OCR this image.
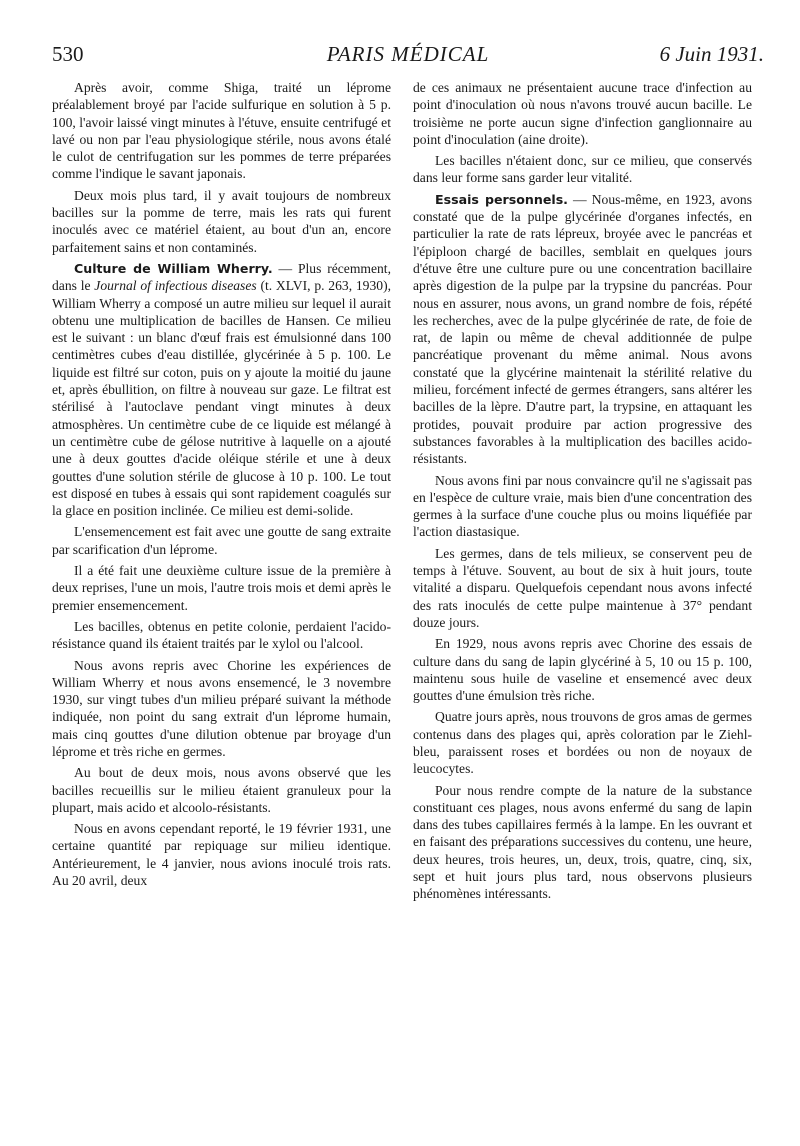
530	PARIS MÉDICAL	6 Juin 1931.

Après avoir, comme Shiga, traité un léprome préalablement broyé par l'acide sulfurique en solution à 5 p. 100, l'avoir laissé vingt minutes à l'étuve, ensuite centrifugé et lavé ou non par l'eau physiologique stérile, nous avons étalé le culot de centrifugation sur les pommes de terre préparées comme l'indique le savant japonais.

Deux mois plus tard, il y avait toujours de nombreux bacilles sur la pomme de terre, mais les rats qui furent inoculés avec ce matériel étaient, au bout d'un an, encore parfaitement sains et non contaminés.

Culture de William Wherry. — Plus récemment, dans le Journal of infectious diseases (t. XLVI, p. 263, 1930), William Wherry a composé un autre milieu sur lequel il aurait obtenu une multiplication de bacilles de Hansen. Ce milieu est le suivant : un blanc d'œuf frais est émulsionné dans 100 centimètres cubes d'eau distillée, glycérinée à 5 p. 100. Le liquide est filtré sur coton, puis on y ajoute la moitié du jaune et, après ébullition, on filtre à nouveau sur gaze. Le filtrat est stérilisé à l'autoclave pendant vingt minutes à deux atmosphères. Un centimètre cube de ce liquide est mélangé à un centimètre cube de gélose nutritive à laquelle on a ajouté une à deux gouttes d'acide oléique stérile et une à deux gouttes d'une solution stérile de glucose à 10 p. 100. Le tout est disposé en tubes à essais qui sont rapidement coagulés sur la glace en position inclinée. Ce milieu est demi-solide.

L'ensemencement est fait avec une goutte de sang extraite par scarification d'un léprome.

Il a été fait une deuxième culture issue de la première à deux reprises, l'une un mois, l'autre trois mois et demi après le premier ensemencement.

Les bacilles, obtenus en petite colonie, perdaient l'acido-résistance quand ils étaient traités par le xylol ou l'alcool.

Nous avons repris avec Chorine les expériences de William Wherry et nous avons ensemencé, le 3 novembre 1930, sur vingt tubes d'un milieu préparé suivant la méthode indiquée, non point du sang extrait d'un léprome humain, mais cinq gouttes d'une dilution obtenue par broyage d'un léprome et très riche en germes.

Au bout de deux mois, nous avons observé que les bacilles recueillis sur le milieu étaient granuleux pour la plupart, mais acido et alcoolo-résistants.

Nous en avons cependant reporté, le 19 février 1931, une certaine quantité par repiquage sur milieu identique. Antérieurement, le 4 janvier, nous avions inoculé trois rats. Au 20 avril, deux

de ces animaux ne présentaient aucune trace d'infection au point d'inoculation où nous n'avons trouvé aucun bacille. Le troisième ne porte aucun signe d'infection ganglionnaire au point d'inoculation (aine droite).

Les bacilles n'étaient donc, sur ce milieu, que conservés dans leur forme sans garder leur vitalité.

Essais personnels. — Nous-même, en 1923, avons constaté que de la pulpe glycérinée d'organes infectés, en particulier la rate de rats lépreux, broyée avec le pancréas et l'épiploon chargé de bacilles, semblait en quelques jours d'étuve être une culture pure ou une concentration bacillaire après digestion de la pulpe par la trypsine du pancréas. Pour nous en assurer, nous avons, un grand nombre de fois, répété les recherches, avec de la pulpe glycérinée de rate, de foie de rat, de lapin ou même de cheval additionnée de pulpe pancréatique provenant du même animal. Nous avons constaté que la glycérine maintenait la stérilité relative du milieu, forcément infecté de germes étrangers, sans altérer les bacilles de la lèpre. D'autre part, la trypsine, en attaquant les protides, pouvait produire par action progressive des substances favorables à la multiplication des bacilles acido-résistants.

Nous avons fini par nous convaincre qu'il ne s'agissait pas en l'espèce de culture vraie, mais bien d'une concentration des germes à la surface d'une couche plus ou moins liquéfiée par l'action diastasique.

Les germes, dans de tels milieux, se conservent peu de temps à l'étuve. Souvent, au bout de six à huit jours, toute vitalité a disparu. Quelquefois cependant nous avons infecté des rats inoculés de cette pulpe maintenue à 37° pendant douze jours.

En 1929, nous avons repris avec Chorine des essais de culture dans du sang de lapin glycériné à 5, 10 ou 15 p. 100, maintenu sous huile de vaseline et ensemencé avec deux gouttes d'une émulsion très riche.

Quatre jours après, nous trouvons de gros amas de germes contenus dans des plages qui, après coloration par le Ziehl-bleu, paraissent roses et bordées ou non de noyaux de leucocytes.

Pour nous rendre compte de la nature de la substance constituant ces plages, nous avons enfermé du sang de lapin dans des tubes capillaires fermés à la lampe. En les ouvrant et en faisant des préparations successives du contenu, une heure, deux heures, trois heures, un, deux, trois, quatre, cinq, six, sept et huit jours plus tard, nous observons plusieurs phénomènes intéressants.
